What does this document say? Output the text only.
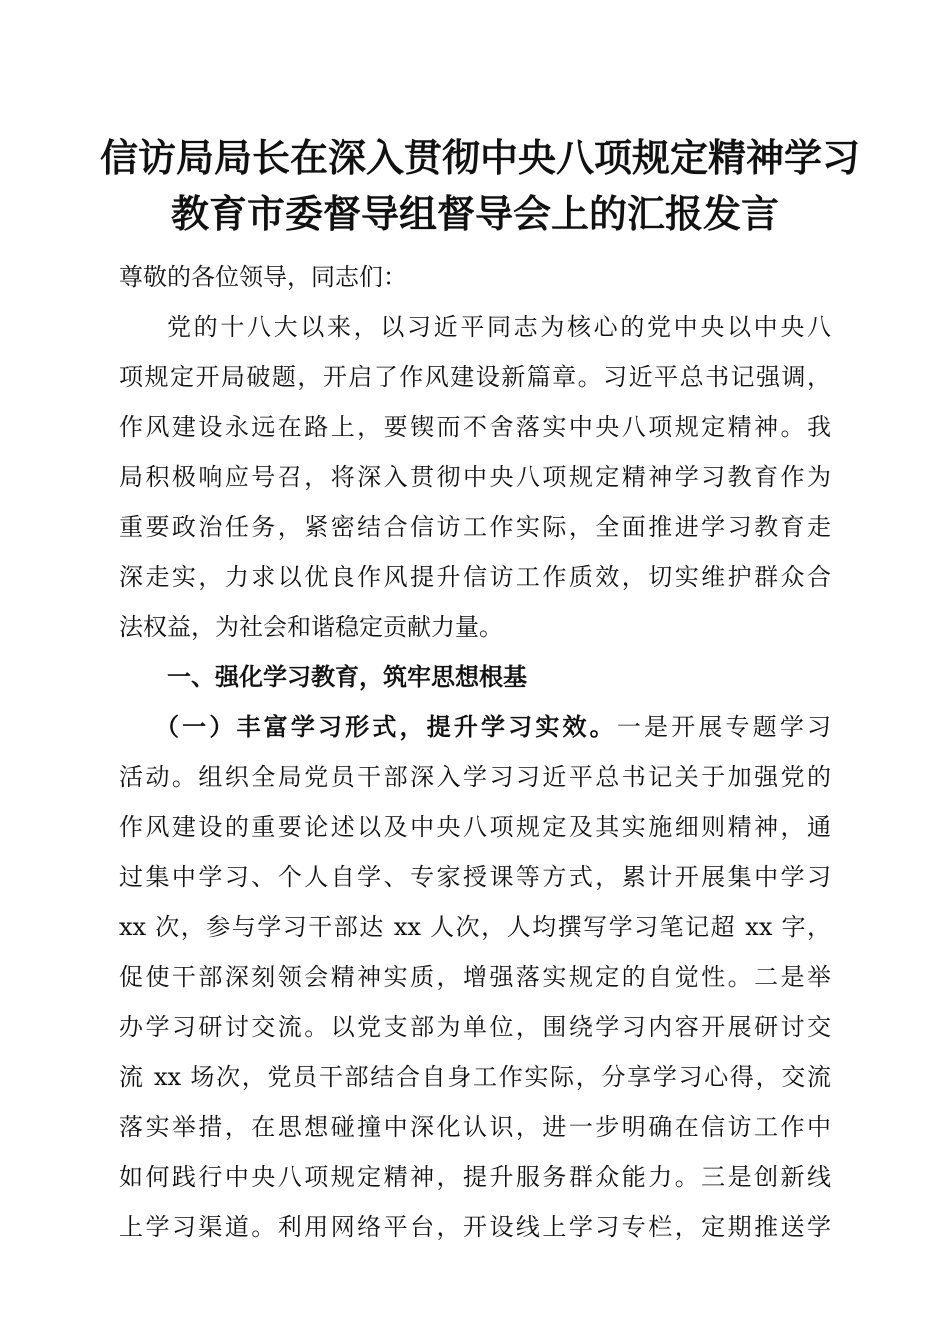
信访局局长在深入贯彻中央八项规定精神学习
教育市委督导组督导会上的汇报发言
尊敬的各位领导，同志们：
党的十八大以来，以习近平同志为核心的党中央以中央八
项规定开局破题，开启了作风建设新篇章。习近平总书记强调，
作风建设永远在路上，要锲而不舍落实中央八项规定精神。我
局积极响应号召，将深入贯彻中央八项规定精神学习教育作为
重要政治任务，紧密结合信访工作实际，全面推进学习教育走
深走实，力求以优良作风提升信访工作质效，切实维护群众合
法权益，为社会和谐稳定贡献力量。
一、强化学习教育，筑牢思想根基
（一）丰富学习形式，提升学习实效。一是开展专题学习
活动。组织全局党员干部深入学习习近平总书记关于加强党的
作风建设的重要论述以及中央八项规定及其实施细则精神，通
过集中学习、个人自学、专家授课等方式，累计开展集中学习
xx 次，参与学习干部达 xx 人次，人均撰写学习笔记超 xx 字，
促使干部深刻领会精神实质，增强落实规定的自觉性。二是举
办学习研讨交流。以党支部为单位，围绕学习内容开展研讨交
流 xx 场次，党员干部结合自身工作实际，分享学习心得，交流
落实举措，在思想碰撞中深化认识，进一步明确在信访工作中
如何践行中央八项规定精神，提升服务群众能力。三是创新线
上学习渠道。利用网络平台，开设线上学习专栏，定期推送学
